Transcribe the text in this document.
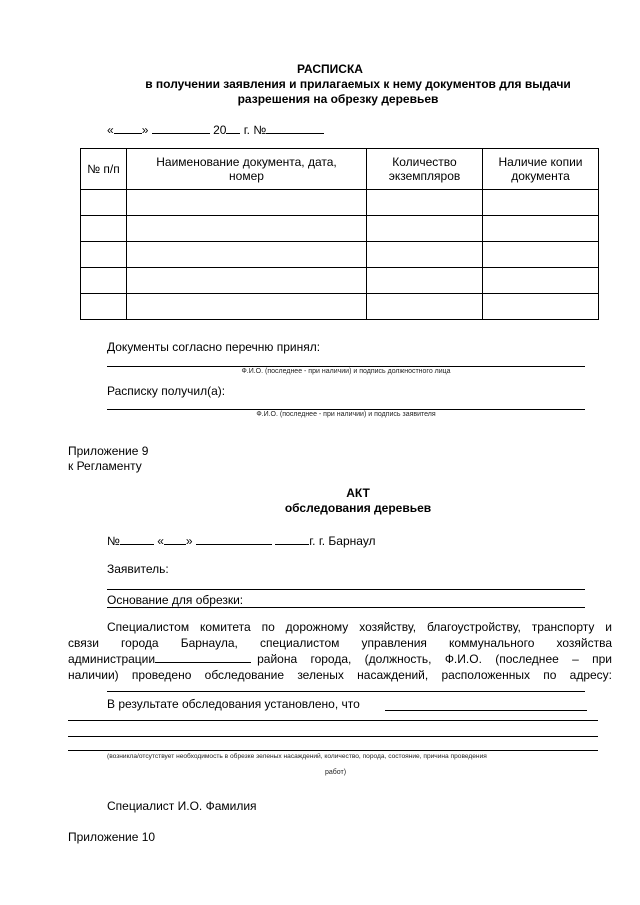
РАСПИСКА
в получении заявления и прилагаемых к нему документов для выдачи
разрешения на обрезку деревьев
« »	20 г. №
№ п/п	Наименование документа, дата, номер	Количество экземпляров	Наличие копии документа

Документы согласно перечню принял:
Ф.И.О. (последнее - при наличии) и подпись должностного лица
Расписку получил(а):
Ф.И.О. (последнее - при наличии) и подпись заявителя
Приложение 9
к Регламенту
АКТ
обследования деревьев
№	« »	г. г. Барнаул
Заявитель:
Основание для обрезки:
Специалистом комитета по дорожному хозяйству, благоустройству, транспорту и
связи города Барнаула, специалистом управления коммунального хозяйства
администрации	района города, (должность, Ф.И.О. (последнее – при
наличии) проведено обследование зеленых насаждений, расположенных по адресу:
В результате обследования установлено, что
(возникла/отсутствует необходимость в обрезке зеленых насаждений, количество, порода, состояние, причина проведения
работ)
Специалист И.О. Фамилия
Приложение 10
